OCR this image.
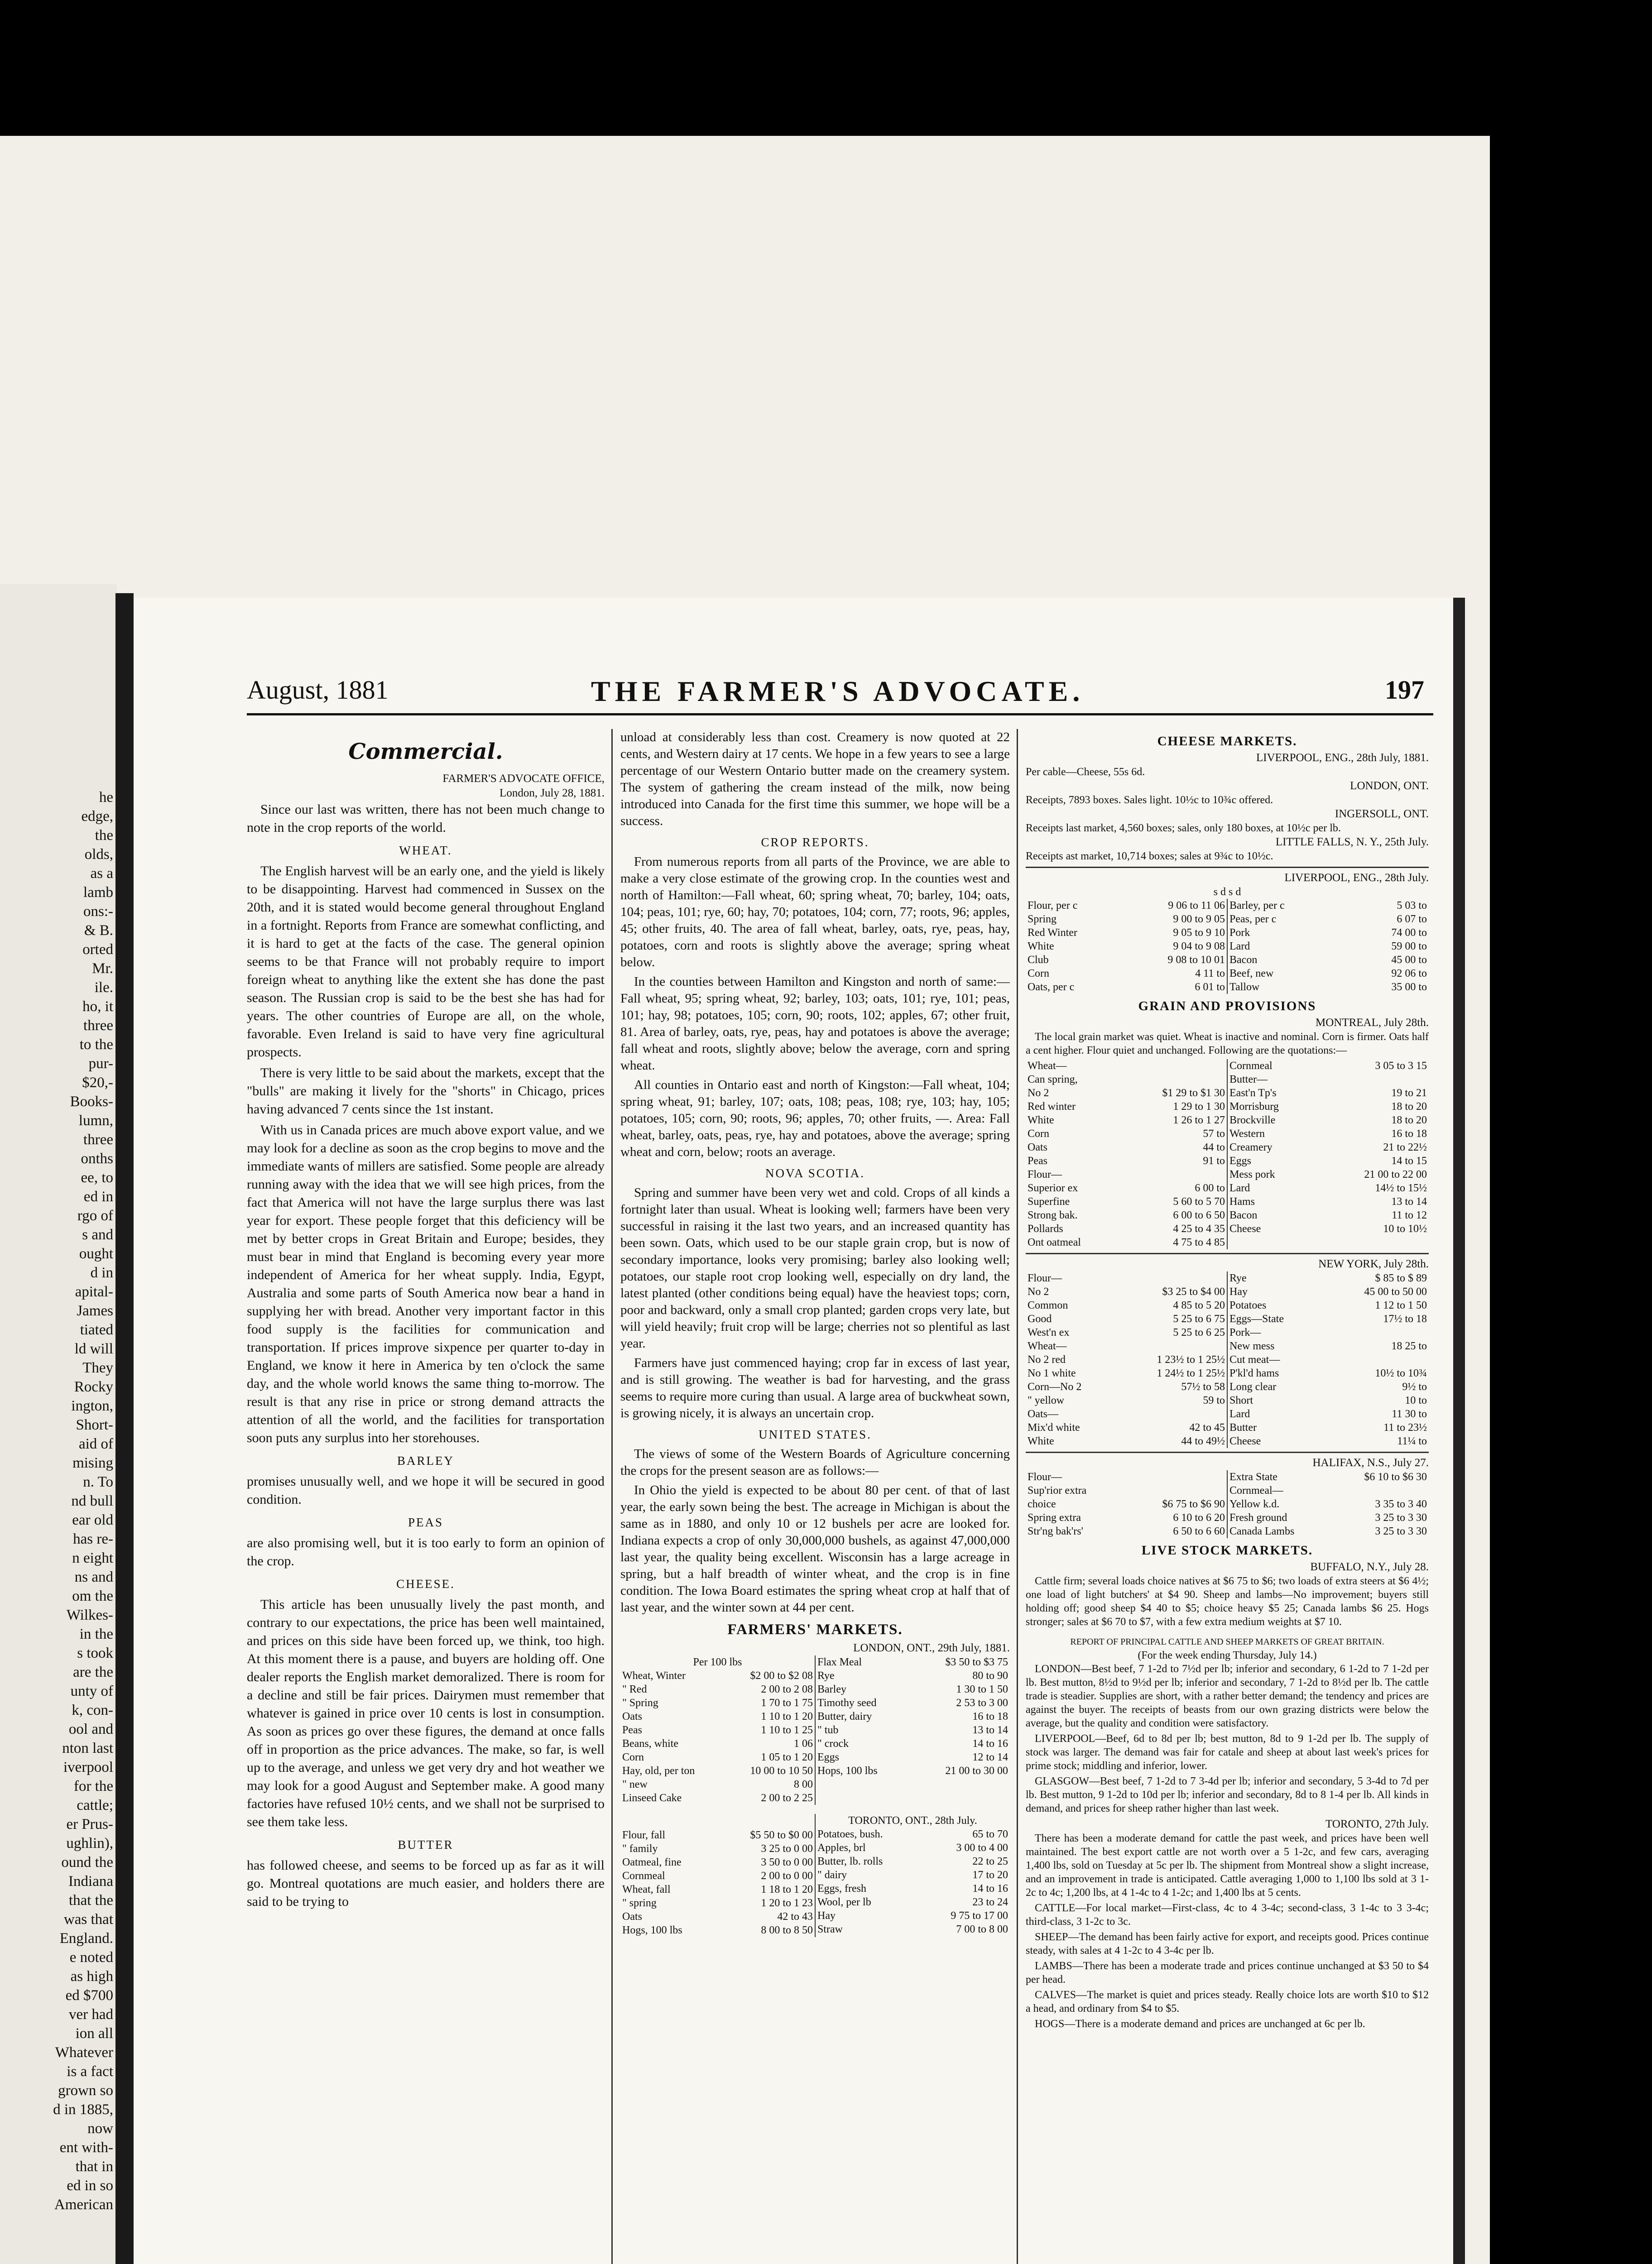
he
edge,
the
olds,
as a
lamb
ons:-
& B.
orted
Mr.
ile.
ho, it
three
to the
pur-
$20,-
Books-
lumn,
three
onths
ee, to
ed in
rgo of
s and
ought
d in
apital-
James
tiated
ld will
They
Rocky
ington,
Short-
aid of
mising
n. To
nd bull
ear old
has re-
n eight
ns and
om the
Wilkes-
in the
s took
are the
unty of
k, con-
ool and
nton last
iverpool
for the
cattle;
er Prus-
ughlin),
ound the
Indiana
that the
was that
England.
e noted
as high
ed $700
ver had
ion all
Whatever
is a fact
grown so
d in 1885,
now
ent with-
that in
ed in so
American
August, 1881	THE FARMER'S ADVOCATE.	197
Commercial.
FARMER'S ADVOCATE OFFICE,
London, July 28, 1881.

Since our last was written, there has not been much change to note in the crop reports of the world.

WHEAT.

The English harvest will be an early one, and the yield is likely to be disappointing. Harvest had commenced in Sussex on the 20th, and it is stated would become general throughout England in a fortnight. Reports from France are somewhat conflicting, and it is hard to get at the facts of the case. The general opinion seems to be that France will not probably require to import foreign wheat to anything like the extent she has done the past season. The Russian crop is said to be the best she has had for years. The other countries of Europe are all, on the whole, favorable. Even Ireland is said to have very fine agricultural prospects.

There is very little to be said about the markets, except that the "bulls" are making it lively for the "shorts" in Chicago, prices having advanced 7 cents since the 1st instant.

With us in Canada prices are much above export value, and we may look for a decline as soon as the crop begins to move and the immediate wants of millers are satisfied. Some people are already running away with the idea that we will see high prices, from the fact that America will not have the large surplus there was last year for export. These people forget that this deficiency will be met by better crops in Great Britain and Europe; besides, they must bear in mind that England is becoming every year more independent of America for her wheat supply. India, Egypt, Australia and some parts of South America now bear a hand in supplying her with bread. Another very important factor in this food supply is the facilities for communication and transportation. If prices improve sixpence per quarter to-day in England, we know it here in America by ten o'clock the same day, and the whole world knows the same thing to-morrow. The result is that any rise in price or strong demand attracts the attention of all the world, and the facilities for transportation soon puts any surplus into her storehouses.

BARLEY

promises unusually well, and we hope it will be secured in good condition.

PEAS

are also promising well, but it is too early to form an opinion of the crop.

CHEESE.

This article has been unusually lively the past month, and contrary to our expectations, the price has been well maintained, and prices on this side have been forced up, we think, too high. At this moment there is a pause, and buyers are holding off. One dealer reports the English market demoralized. There is room for a decline and still be fair prices. Dairymen must remember that whatever is gained in price over 10 cents is lost in consumption. As soon as prices go over these figures, the demand at once falls off in proportion as the price advances. The make, so far, is well up to the average, and unless we get very dry and hot weather we may look for a good August and September make. A good many factories have refused 10½ cents, and we shall not be surprised to see them take less.

BUTTER

has followed cheese, and seems to be forced up as far as it will go. Montreal quotations are much easier, and holders there are said to be trying to

unload at considerably less than cost. Creamery is now quoted at 22 cents, and Western dairy at 17 cents. We hope in a few years to see a large percentage of our Western Ontario butter made on the creamery system. The system of gathering the cream instead of the milk, now being introduced into Canada for the first time this summer, we hope will be a success.

CROP REPORTS.

From numerous reports from all parts of the Province, we are able to make a very close estimate of the growing crop. In the counties west and north of Hamilton:—Fall wheat, 60; spring wheat, 70; barley, 104; oats, 104; peas, 101; rye, 60; hay, 70; potatoes, 104; corn, 77; roots, 96; apples, 45; other fruits, 40. The area of fall wheat, barley, oats, rye, peas, hay, potatoes, corn and roots is slightly above the average; spring wheat below.

In the counties between Hamilton and Kingston and north of same:—Fall wheat, 95; spring wheat, 92; barley, 103; oats, 101; rye, 101; peas, 101; hay, 98; potatoes, 105; corn, 90; roots, 102; apples, 67; other fruit, 81. Area of barley, oats, rye, peas, hay and potatoes is above the average; fall wheat and roots, slightly above; below the average, corn and spring wheat.

All counties in Ontario east and north of Kingston:—Fall wheat, 104; spring wheat, 91; barley, 107; oats, 108; peas, 108; rye, 103; hay, 105; potatoes, 105; corn, 90; roots, 96; apples, 70; other fruits, —. Area: Fall wheat, barley, oats, peas, rye, hay and potatoes, above the average; spring wheat and corn, below; roots an average.

NOVA SCOTIA.

Spring and summer have been very wet and cold. Crops of all kinds a fortnight later than usual. Wheat is looking well; farmers have been very successful in raising it the last two years, and an increased quantity has been sown. Oats, which used to be our staple grain crop, but is now of secondary importance, looks very promising; barley also looking well; potatoes, our staple root crop looking well, especially on dry land, the latest planted (other conditions being equal) have the heaviest tops; corn, poor and backward, only a small crop planted; garden crops very late, but will yield heavily; fruit crop will be large; cherries not so plentiful as last year.

Farmers have just commenced haying; crop far in excess of last year, and is still growing. The weather is bad for harvesting, and the grass seems to require more curing than usual. A large area of buckwheat sown, is growing nicely, it is always an uncertain crop.

UNITED STATES.

The views of some of the Western Boards of Agriculture concerning the crops for the present season are as follows:—

In Ohio the yield is expected to be about 80 per cent. of that of last year, the early sown being the best. The acreage in Michigan is about the same as in 1880, and only 10 or 12 bushels per acre are looked for. Indiana expects a crop of only 30,000,000 bushels, as against 47,000,000 last year, the quality being excellent. Wisconsin has a large acreage in spring, but a half breadth of winter wheat, and the crop is in fine condition. The Iowa Board estimates the spring wheat crop at half that of last year, and the winter sown at 44 per cent.

FARMERS' MARKETS.
LONDON, ONT., 29th July, 1881.
Per 100 lbs
Wheat, Winter	$2 00 to $2 08
" Red	2 00 to 2 08
" Spring	1 70 to 1 75
Oats	1 10 to 1 20
Peas	1 10 to 1 25
Beans, white	1 06
Corn	1 05 to 1 20
Hay, old, per ton	10 00 to 10 50
" new	8 00
Linseed Cake	2 00 to 2 25

Flax Meal	$3 50 to $3 75
Rye	80 to 90
Barley	1 30 to 1 50
Timothy seed	2 53 to 3 00
Butter, dairy	16 to 18
" tub	13 to 14
" crock	14 to 16
Eggs	12 to 14
Hops, 100 lbs	21 00 to 30 00
Flour, fall	$5 50 to $0 00
" family	3 25 to 0 00
Oatmeal, fine	3 50 to 0 00
Cornmeal	2 00 to 0 00
Wheat, fall	1 18 to 1 20
" spring	1 20 to 1 23
Oats	42 to 43
Hogs, 100 lbs	8 00 to 8 50

TORONTO, ONT., 28th July.
Potatoes, bush.	65 to 70
Apples, brl	3 00 to 4 00
Butter, lb. rolls	22 to 25
" dairy	17 to 20
Eggs, fresh	14 to 16
Wool, per lb	23 to 24
Hay	9 75 to 17 00
Straw	7 00 to 8 00
CHEESE MARKETS.
LIVERPOOL, ENG., 28th July, 1881.
Per cable—Cheese, 55s 6d.
LONDON, ONT.
Receipts, 7893 boxes. Sales light. 10½c to 10¾c offered.
INGERSOLL, ONT.
Receipts last market, 4,560 boxes; sales, only 180 boxes, at 10½c per lb.
LITTLE FALLS, N. Y., 25th July.
Receipts ast market, 10,714 boxes; sales at 9¾c to 10½c.
LIVERPOOL, ENG., 28th July.
s d s d
Flour, per c	9 06 to 11 06
Spring	9 00 to 9 05
Red Winter	9 05 to 9 10
White	9 04 to 9 08
Club	9 08 to 10 01
Corn	4 11 to
Oats, per c	6 01 to

Barley, per c	5 03 to
Peas, per c	6 07 to
Pork	74 00 to
Lard	59 00 to
Bacon	45 00 to
Beef, new	92 06 to
Tallow	35 00 to
GRAIN AND PROVISIONS
MONTREAL, July 28th.

The local grain market was quiet. Wheat is inactive and nominal. Corn is firmer. Oats half a cent higher. Flour quiet and unchanged. Following are the quotations:—

Wheat—	
Can spring,	
No 2	$1 29 to $1 30
Red winter	1 29 to 1 30
White	1 26 to 1 27
Corn	57 to
Oats	44 to
Peas	91 to
Flour—	
Superior ex	6 00 to
Superfine	5 60 to 5 70
Strong bak.	6 00 to 6 50
Pollards	4 25 to 4 35
Ont oatmeal	4 75 to 4 85

Cornmeal	3 05 to 3 15
Butter—	
East'n Tp's	19 to 21
Morrisburg	18 to 20
Brockville	18 to 20
Western	16 to 18
Creamery	21 to 22½
Eggs	14 to 15
Mess pork	21 00 to 22 00
Lard	14½ to 15½
Hams	13 to 14
Bacon	11 to 12
Cheese	10 to 10½
NEW YORK, July 28th.
Flour—	
No 2	$3 25 to $4 00
Common	4 85 to 5 20
Good	5 25 to 6 75
West'n ex	5 25 to 6 25
Wheat—	
No 2 red	1 23½ to 1 25½
No 1 white	1 24½ to 1 25½
Corn—No 2	57½ to 58
" yellow	59 to
Oats—	
Mix'd white	42 to 45
White	44 to 49½

Rye	$ 85 to $ 89
Hay	45 00 to 50 00
Potatoes	1 12 to 1 50
Eggs—State	17½ to 18
Pork—	
New mess	18 25 to
Cut meat—	
P'kl'd hams	10½ to 10¾
Long clear	9½ to
Short	10 to
Lard	11 30 to
Butter	11 to 23½
Cheese	11¼ to
HALIFAX, N.S., July 27.
Flour—	
Sup'rior extra	
choice	$6 75 to $6 90
Spring extra	6 10 to 6 20
Str'ng bak'rs'	6 50 to 6 60

Extra State	$6 10 to $6 30
Cornmeal—	
Yellow k.d.	3 35 to 3 40
Fresh ground	3 25 to 3 30
Canada Lambs	3 25 to 3 30
LIVE STOCK MARKETS.
BUFFALO, N.Y., July 28.

Cattle firm; several loads choice natives at $6 75 to $6; two loads of extra steers at $6 4½; one load of light butchers' at $4 90. Sheep and lambs—No improvement; buyers still holding off; good sheep $4 40 to $5; choice heavy $5 25; Canada lambs $6 25. Hogs stronger; sales at $6 70 to $7, with a few extra medium weights at $7 10.

REPORT OF PRINCIPAL CATTLE AND SHEEP MARKETS OF GREAT BRITAIN.
(For the week ending Thursday, July 14.)

LONDON—Best beef, 7 1-2d to 7½d per lb; inferior and secondary, 6 1-2d to 7 1-2d per lb. Best mutton, 8½d to 9½d per lb; inferior and secondary, 7 1-2d to 8½d per lb. The cattle trade is steadier. Supplies are short, with a rather better demand; the tendency and prices are against the buyer. The receipts of beasts from our own grazing districts were below the average, but the quality and condition were satisfactory.

LIVERPOOL—Beef, 6d to 8d per lb; best mutton, 8d to 9 1-2d per lb. The supply of stock was larger. The demand was fair for catale and sheep at about last week's prices for prime stock; middling and inferior, lower.

GLASGOW—Best beef, 7 1-2d to 7 3-4d per lb; inferior and secondary, 5 3-4d to 7d per lb. Best mutton, 9 1-2d to 10d per lb; inferior and secondary, 8d to 8 1-4 per lb. All kinds in demand, and prices for sheep rather higher than last week.

TORONTO, 27th July.

There has been a moderate demand for cattle the past week, and prices have been well maintained. The best export cattle are not worth over a 5 1-2c, and few cars, averaging 1,400 lbs, sold on Tuesday at 5c per lb. The shipment from Montreal show a slight increase, and an improvement in trade is anticipated. Cattle averaging 1,000 to 1,100 lbs sold at 3 1-2c to 4c; 1,200 lbs, at 4 1-4c to 4 1-2c; and 1,400 lbs at 5 cents.

CATTLE—For local market—First-class, 4c to 4 3-4c; second-class, 3 1-4c to 3 3-4c; third-class, 3 1-2c to 3c.

SHEEP—The demand has been fairly active for export, and receipts good. Prices continue steady, with sales at 4 1-2c to 4 3-4c per lb.

LAMBS—There has been a moderate trade and prices continue unchanged at $3 50 to $4 per head.

CALVES—The market is quiet and prices steady. Really choice lots are worth $10 to $12 a head, and ordinary from $4 to $5.

HOGS—There is a moderate demand and prices are unchanged at 6c per lb.
